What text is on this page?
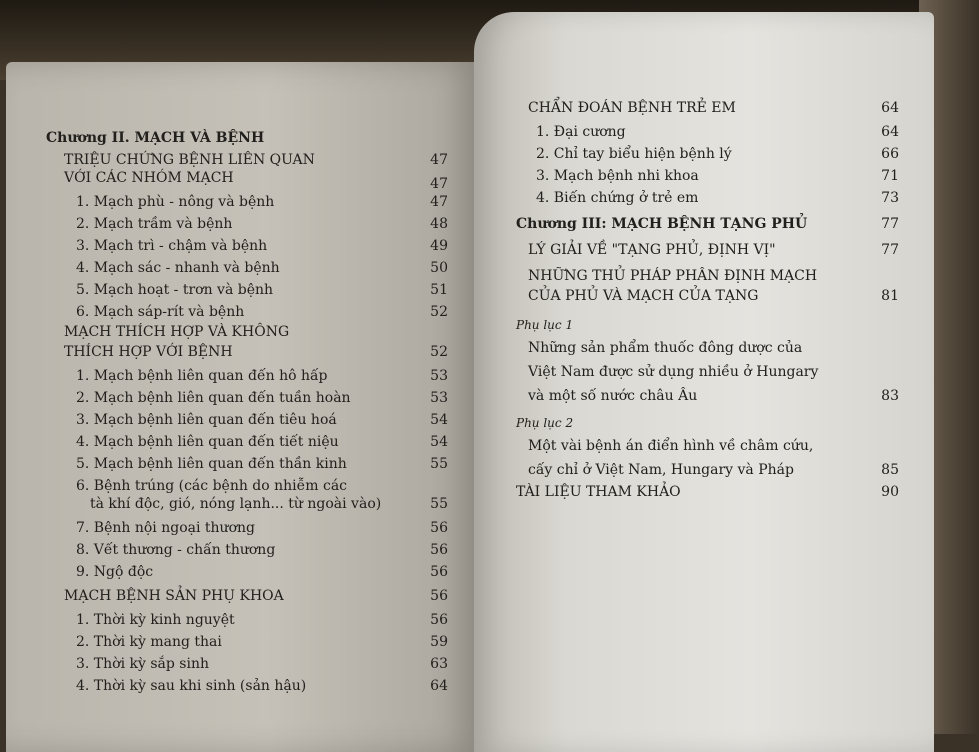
Chương II. MẠCH VÀ BỆNH
TRIỆU CHỨNG BỆNH LIÊN QUAN	47
VỚI CÁC NHÓM MẠCH	47
1. Mạch phù - nông và bệnh	47
2. Mạch trầm và bệnh	48
3. Mạch trì - chậm và bệnh	49
4. Mạch sác - nhanh và bệnh	50
5. Mạch hoạt - trơn và bệnh	51
6. Mạch sáp-rít và bệnh	52
MẠCH THÍCH HỢP VÀ KHÔNG
THÍCH HỢP VỚI BỆNH	52
1. Mạch bệnh liên quan đến hô hấp	53
2. Mạch bệnh liên quan đến tuần hoàn	53
3. Mạch bệnh liên quan đến tiêu hoá	54
4. Mạch bệnh liên quan đến tiết niệu	54
5. Mạch bệnh liên quan đến thần kinh	55
6. Bệnh trúng (các bệnh do nhiễm các
tà khí độc, gió, nóng lạnh... từ ngoài vào)	55
7. Bệnh nội ngoại thương	56
8. Vết thương - chấn thương	56
9. Ngộ độc	56
MẠCH BỆNH SẢN PHỤ KHOA	56
1. Thời kỳ kinh nguyệt	56
2. Thời kỳ mang thai	59
3. Thời kỳ sắp sinh	63
4. Thời kỳ sau khi sinh (sản hậu)	64
CHẨN ĐOÁN BỆNH TRẺ EM	64
1. Đại cương	64
2. Chỉ tay biểu hiện bệnh lý	66
3. Mạch bệnh nhi khoa	71
4. Biến chứng ở trẻ em	73
Chương III: MẠCH BỆNH TẠNG PHỦ	77
LÝ GIẢI VỀ "TẠNG PHỦ, ĐỊNH VỊ"	77
NHỮNG THỦ PHÁP PHÂN ĐỊNH MẠCH
CỦA PHỦ VÀ MẠCH CỦA TẠNG	81
Phụ lục 1
Những sản phẩm thuốc đông dược của
Việt Nam được sử dụng nhiều ở Hungary
và một số nước châu Âu	83
Phụ lục 2
Một vài bệnh án điển hình về châm cứu,
cấy chỉ ở Việt Nam, Hungary và Pháp	85
TÀI LIỆU THAM KHẢO	90
